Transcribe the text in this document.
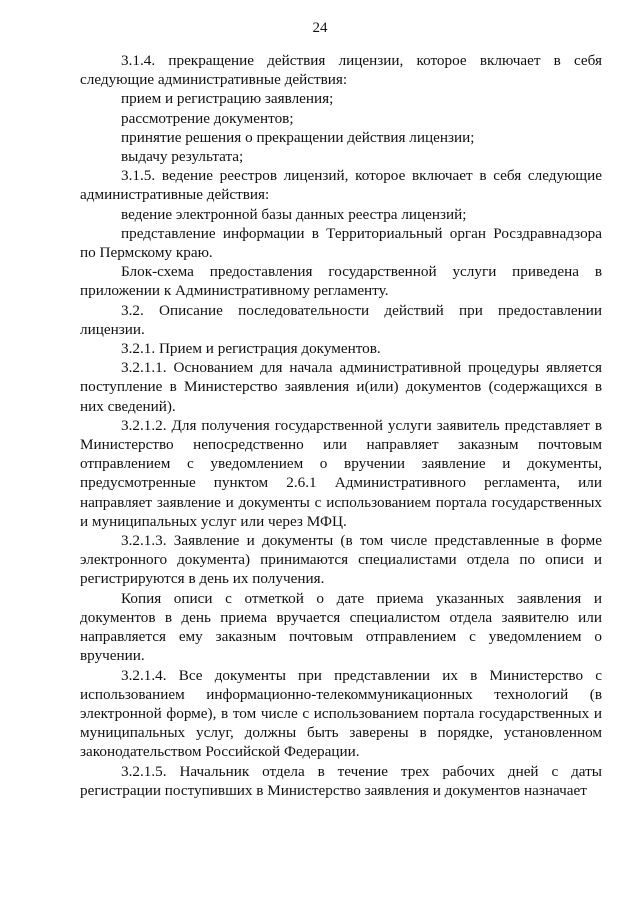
24

3.1.4. прекращение действия лицензии, которое включает в себя следующие административные действия:

прием и регистрацию заявления;

рассмотрение документов;

принятие решения о прекращении действия лицензии;

выдачу результата;

3.1.5. ведение реестров лицензий, которое включает в себя следующие административные действия:

ведение электронной базы данных реестра лицензий;

представление информации в Территориальный орган Росздравнадзора по Пермскому краю.

Блок-схема предоставления государственной услуги приведена в приложении к Административному регламенту.

3.2. Описание последовательности действий при предоставлении лицензии.

3.2.1. Прием и регистрация документов.

3.2.1.1. Основанием для начала административной процедуры является поступление в Министерство заявления и(или) документов (содержащихся в них сведений).

3.2.1.2. Для получения государственной услуги заявитель представляет в Министерство непосредственно или направляет заказным почтовым отправлением с уведомлением о вручении заявление и документы, предусмотренные пунктом 2.6.1 Административного регламента, или направляет заявление и документы с использованием портала государственных и муниципальных услуг или через МФЦ.

3.2.1.3. Заявление и документы (в том числе представленные в форме электронного документа) принимаются специалистами отдела по описи и регистрируются в день их получения.

Копия описи с отметкой о дате приема указанных заявления и документов в день приема вручается специалистом отдела заявителю или направляется ему заказным почтовым отправлением с уведомлением о вручении.

3.2.1.4. Все документы при представлении их в Министерство с использованием информационно-телекоммуникационных технологий (в электронной форме), в том числе с использованием портала государственных и муниципальных услуг, должны быть заверены в порядке, установленном законодательством Российской Федерации.

3.2.1.5. Начальник отдела в течение трех рабочих дней с даты регистрации поступивших в Министерство заявления и документов назначает
